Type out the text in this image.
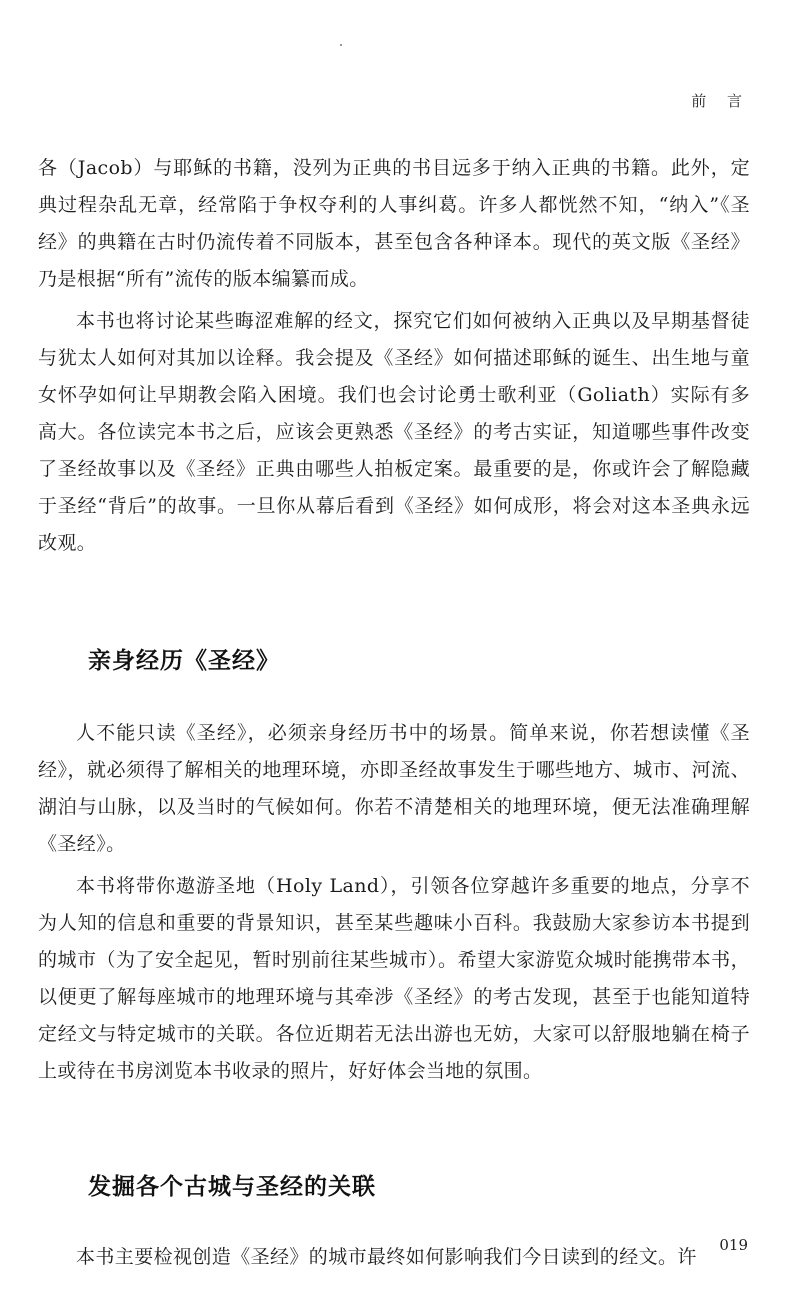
前 言

各（Jacob）与耶稣的书籍，没列为正典的书目远多于纳入正典的书籍。此外，定典过程杂乱无章，经常陷于争权夺利的人事纠葛。许多人都恍然不知，“纳入”《圣经》的典籍在古时仍流传着不同版本，甚至包含各种译本。现代的英文版《圣经》乃是根据“所有”流传的版本编纂而成。

本书也将讨论某些晦涩难解的经文，探究它们如何被纳入正典以及早期基督徒与犹太人如何对其加以诠释。我会提及《圣经》如何描述耶稣的诞生、出生地与童女怀孕如何让早期教会陷入困境。我们也会讨论勇士歌利亚（Goliath）实际有多高大。各位读完本书之后，应该会更熟悉《圣经》的考古实证，知道哪些事件改变了圣经故事以及《圣经》正典由哪些人拍板定案。最重要的是，你或许会了解隐藏于圣经“背后”的故事。一旦你从幕后看到《圣经》如何成形，将会对这本圣典永远改观。

亲身经历《圣经》

人不能只读《圣经》，必须亲身经历书中的场景。简单来说，你若想读懂《圣经》，就必须得了解相关的地理环境，亦即圣经故事发生于哪些地方、城市、河流、湖泊与山脉，以及当时的气候如何。你若不清楚相关的地理环境，便无法准确理解《圣经》。

本书将带你遨游圣地（Holy Land），引领各位穿越许多重要的地点，分享不为人知的信息和重要的背景知识，甚至某些趣味小百科。我鼓励大家参访本书提到的城市（为了安全起见，暂时别前往某些城市）。希望大家游览众城时能携带本书，以便更了解每座城市的地理环境与其牵涉《圣经》的考古发现，甚至于也能知道特定经文与特定城市的关联。各位近期若无法出游也无妨，大家可以舒服地躺在椅子上或待在书房浏览本书收录的照片，好好体会当地的氛围。

发掘各个古城与圣经的关联

本书主要检视创造《圣经》的城市最终如何影响我们今日读到的经文。许

019
